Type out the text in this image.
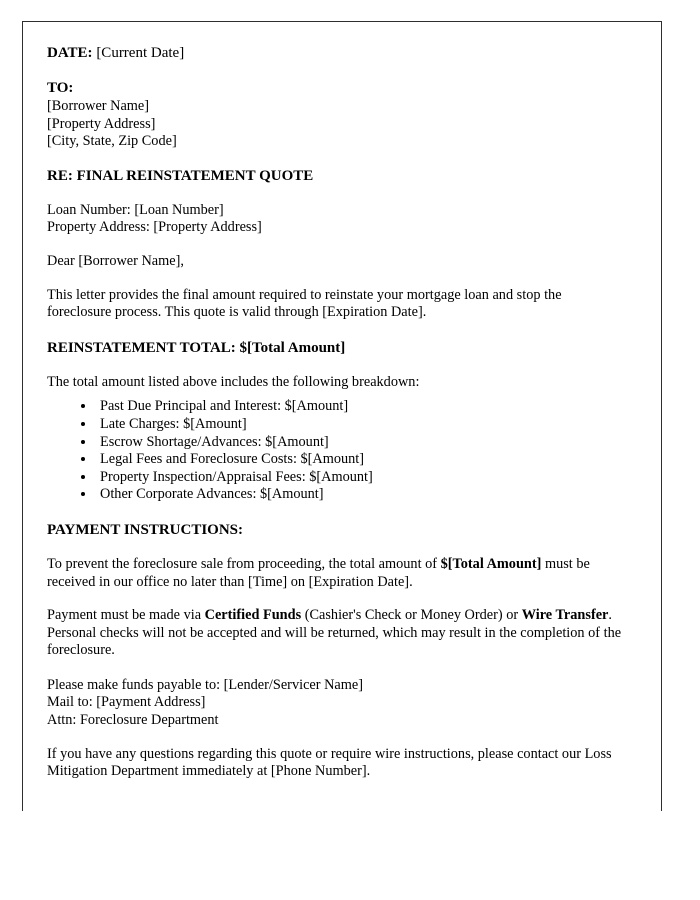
DATE: [Current Date]

TO:

[Borrower Name]

[Property Address]

[City, State, Zip Code]

RE: FINAL REINSTATEMENT QUOTE

Loan Number: [Loan Number]

Property Address: [Property Address]

Dear [Borrower Name],

This letter provides the final amount required to reinstate your mortgage loan and stop the foreclosure process. This quote is valid through [Expiration Date].

REINSTATEMENT TOTAL: $[Total Amount]

The total amount listed above includes the following breakdown:

• Past Due Principal and Interest: $[Amount]
• Late Charges: $[Amount]
• Escrow Shortage/Advances: $[Amount]
• Legal Fees and Foreclosure Costs: $[Amount]
• Property Inspection/Appraisal Fees: $[Amount]
• Other Corporate Advances: $[Amount]

PAYMENT INSTRUCTIONS:

To prevent the foreclosure sale from proceeding, the total amount of $[Total Amount] must be received in our office no later than [Time] on [Expiration Date].

Payment must be made via Certified Funds (Cashier's Check or Money Order) or Wire Transfer. Personal checks will not be accepted and will be returned, which may result in the completion of the foreclosure.

Please make funds payable to: [Lender/Servicer Name]

Mail to: [Payment Address]

Attn: Foreclosure Department

If you have any questions regarding this quote or require wire instructions, please contact our Loss Mitigation Department immediately at [Phone Number].
